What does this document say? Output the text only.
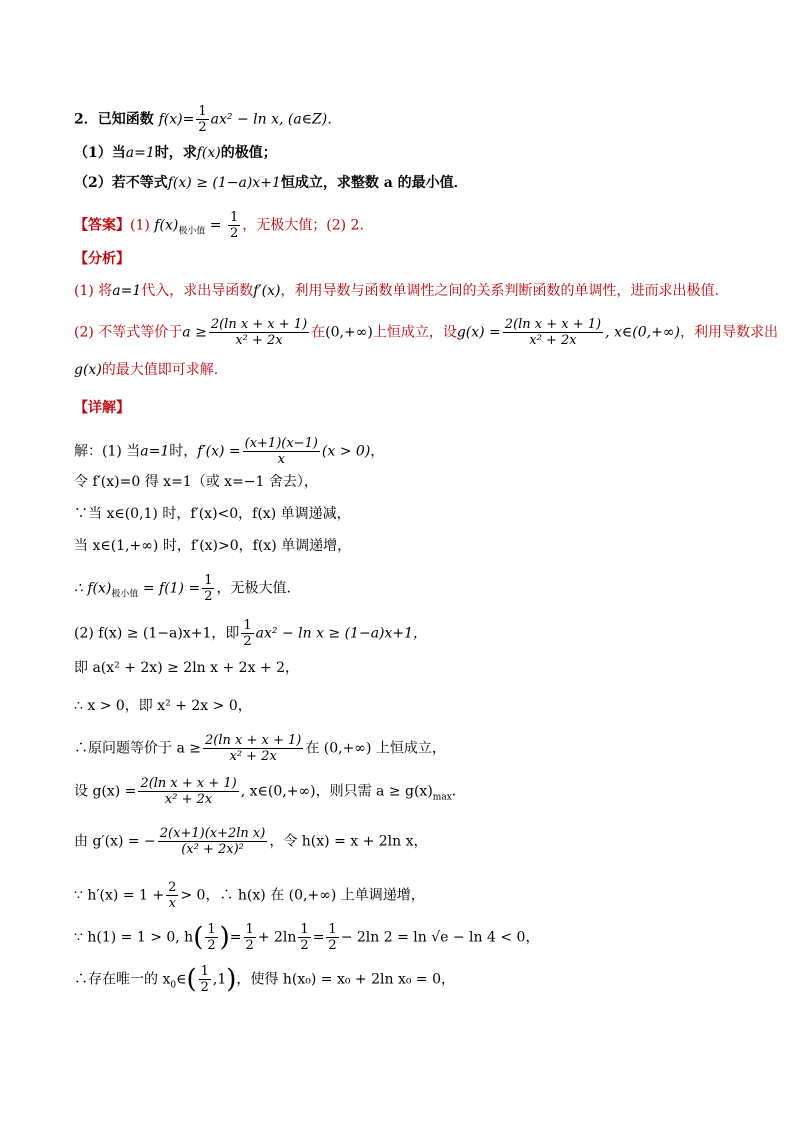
2．已知函数 $f(x)= \frac{1}{2} ax^2 - \ln x$, (a∈Z)．
（1）当a=1时，求f(x)的极值；
（2）若不等式f(x) ≥ (1−a)x+1恒成立，求整数 a 的最小值．
【答案】(1) $f(x)_{极小值} = \frac{1}{2}$ ，无极大值；(2) 2.
【分析】
(1) 将a=1代入，求出导函数f′(x)，利用导数与函数单调性之间的关系判断函数的单调性，进而求出极值.
(2) 不等式等价于$a \ge \frac{\text{2(ln x + x + 1)}}{\text{x² + 2x}}$ 在(0,+∞)上恒成立，设$g(x) = \frac{\text{2(ln x + x + 1)}}{\text{x² + 2x}}$ , x∈(0,+∞)，利用导数求出
g(x)的最大值即可求解.
【详解】
解：(1) 当a=1时，$f'(x) = \frac{(x+1)(x-1)}{x} (x > 0)$，
令 f′(x)=0 得 x=1（或 x=−1 舍去），
∵当 x∈(0,1) 时，f′(x)<0，f(x) 单调递减，
当 x∈(1,+∞) 时，f′(x)>0，f(x) 单调递增，
∴ $f(x)_{极小值} = f(1) = \frac{1}{2}$ ，无极大值.
(2) f(x) ≥ (1−a)x+1，即 $\frac{1}{2} ax^2 - \ln x \ge (1-a)x+1$，
即 a(x² + 2x) ≥ 2ln x + 2x + 2，
∴ x > 0，即 x² + 2x > 0，
∴原问题等价于 $a \ge \frac{\text{2(ln x + x + 1)}}{\text{x² + 2x}}$ 在 (0,+∞) 上恒成立，
设 $g(x) = \frac{\text{2(ln x + x + 1)}}{\text{x² + 2x}}$ , x∈(0,+∞)，则只需 $a \ge g(x)_{max}$．
由 g′(x) = − $\frac{\text{2(x+1)(x+2ln x)}}{\text{(x² + 2x)²}}$ ，令 h(x) = x + 2ln x，
∵ $h'(x) = 1 + \frac{2}{x} > 0$，∴ h(x) 在 (0,+∞) 上单调递增，
∵ h(1) = 1 > 0, $h( \frac{1}{2}$ )= $\frac{1}{2} + 2\ln \frac{1}{2} = \frac{1}{2} - 2\ln$ 2 = ln √e − ln 4 < 0，
∴存在唯一的 $x_0\in( \frac{1}{2} ,1)$，使得 h(x₀) = x₀ + 2ln x₀ = 0，
